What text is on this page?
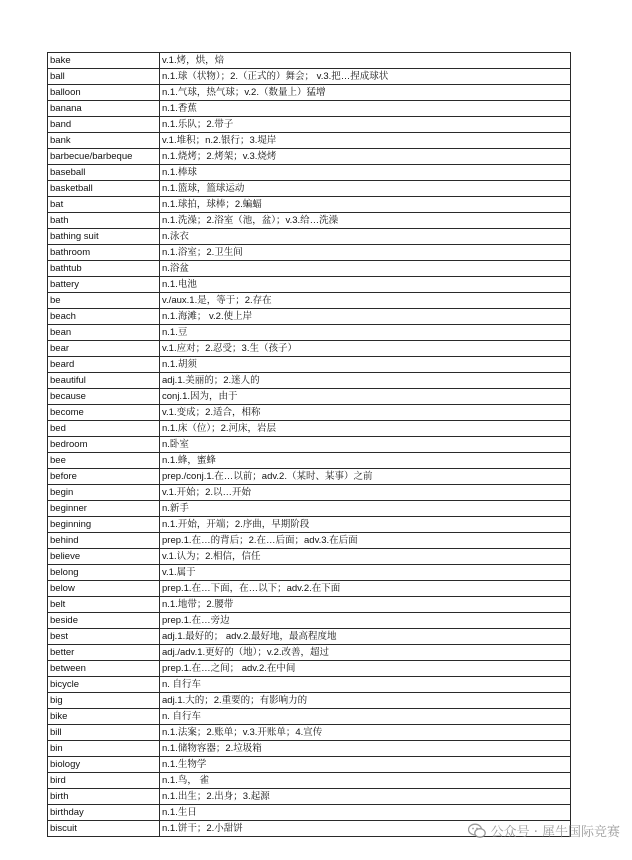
bake	v.1.烤，烘，焙
ball	n.1.球（状物）；2.（正式的）舞会； v.3.把…捏成球状
balloon	n.1.气球，热气球；v.2.（数量上）猛增
banana	n.1.香蕉
band	n.1.乐队；2.带子
bank	v.1.堆积；n.2.银行；3.堤岸
barbecue/barbeque	n.1.烧烤；2.烤架；v.3.烧烤
baseball	n.1.棒球
basketball	n.1.篮球，篮球运动
bat	n.1.球拍，球棒；2.蝙蝠
bath	n.1.洗澡；2.浴室（池，盆）；v.3.给…洗澡
bathing suit	n.泳衣
bathroom	n.1.浴室；2.卫生间
bathtub	n.浴盆
battery	n.1.电池
be	v./aux.1.是，等于；2.存在
beach	n.1.海滩； v.2.使上岸
bean	n.1.豆
bear	v.1.应对；2.忍受；3.生（孩子）
beard	n.1.胡须
beautiful	adj.1.美丽的；2.迷人的
because	conj.1.因为，由于
become	v.1.变成；2.适合，相称
bed	n.1.床（位）；2.河床，岩层
bedroom	n.卧室
bee	n.1.蜂，蜜蜂
before	prep./conj.1.在…以前；adv.2.（某时、某事）之前
begin	v.1.开始；2.以…开始
beginner	n.新手
beginning	n.1.开始，开端；2.序曲，早期阶段
behind	prep.1.在…的背后；2.在…后面；adv.3.在后面
believe	v.1.认为；2.相信，信任
belong	v.1.属于
below	prep.1.在…下面，在…以下；adv.2.在下面
belt	n.1.地带；2.腰带
beside	prep.1.在…旁边
best	adj.1.最好的； adv.2.最好地，最高程度地
better	adj./adv.1.更好的（地）；v.2.改善，超过
between	prep.1.在…之间； adv.2.在中间
bicycle	n. 自行车
big	adj.1.大的；2.重要的；有影响力的
bike	n. 自行车
bill	n.1.法案；2.账单；v.3.开账单；4.宣传
bin	n.1.储物容器；2.垃圾箱
biology	n.1.生物学
bird	n.1.鸟， 雀
birth	n.1.出生；2.出身；3.起源
birthday	n.1.生日
biscuit	n.1.饼干；2.小甜饼	公众号 · 犀牛国际竞赛
